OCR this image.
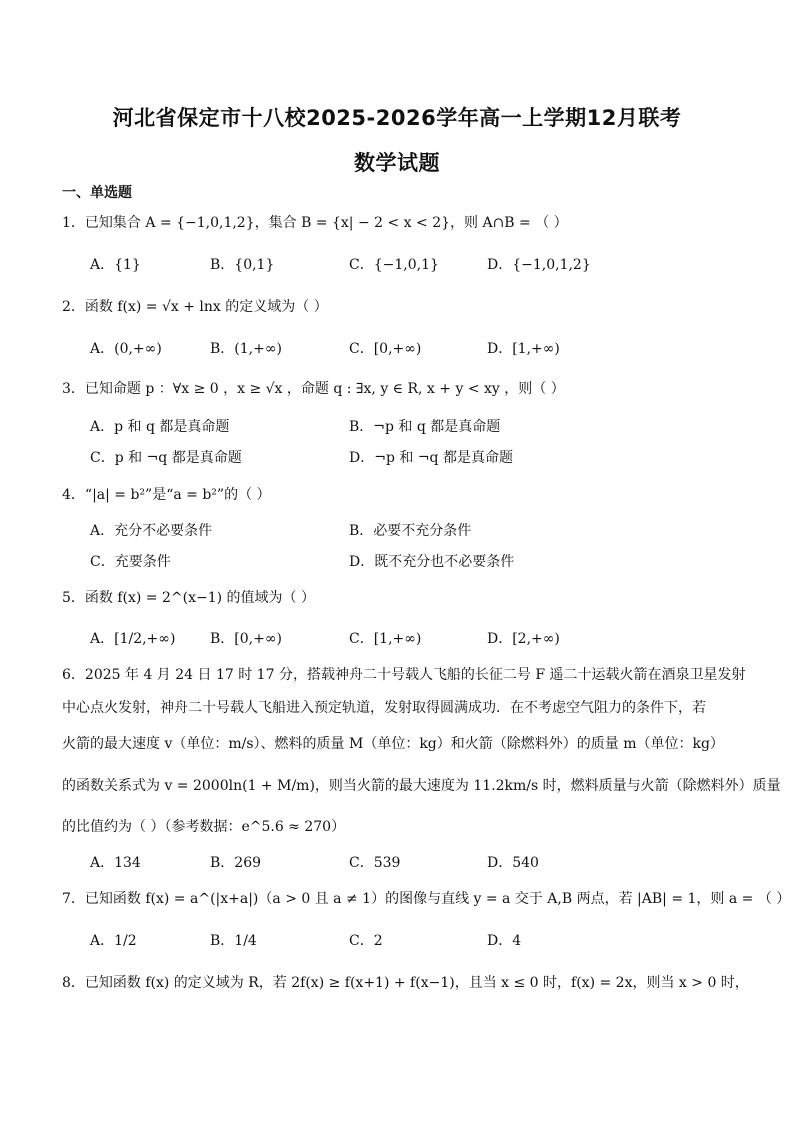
河北省保定市十八校2025-2026学年高一上学期12月联考
数学试题
一、单选题
1．已知集合 A = {−1,0,1,2}，集合 B = {x| − 2 < x < 2}，则 A∩B = （ ）
A．{1}	B．{0,1}	C．{−1,0,1}	D．{−1,0,1,2}
2．函数 f(x) = √x + lnx 的定义域为（ ）
A．(0,+∞)	B．(1,+∞)	C．[0,+∞)	D．[1,+∞)
3．已知命题 p ：∀x ≥ 0 ，x ≥ √x ，命题 q : ∃x, y ∈ R, x + y < xy ，则（ ）
A．p 和 q 都是真命题	B．¬p 和 q 都是真命题
C．p 和 ¬q 都是真命题	D．¬p 和 ¬q 都是真命题
4．“|a| = b²”是“a = b²”的（ ）
A．充分不必要条件	B．必要不充分条件
C．充要条件	D．既不充分也不必要条件
5．函数 f(x) = 2^(x−1) 的值域为（ ）
A．[1/2,+∞) B．[0,+∞)	C．[1,+∞)	D．[2,+∞)
6．2025 年 4 月 24 日 17 时 17 分，搭载神舟二十号载人飞船的长征二号 F 遥二十运载火箭在酒泉卫星发射
中心点火发射，神舟二十号载人飞船进入预定轨道，发射取得圆满成功．在不考虑空气阻力的条件下，若
火箭的最大速度 v（单位：m/s）、燃料的质量 M（单位：kg）和火箭（除燃料外）的质量 m（单位：kg）
的函数关系式为 v = 2000ln(1 + M/m)，则当火箭的最大速度为 11.2km/s 时，燃料质量与火箭（除燃料外）质量
的比值约为（ ）（参考数据：e^5.6 ≈ 270）
A．134	B．269	C．539	D．540
7．已知函数 f(x) = a^(|x+a|)（a > 0 且 a ≠ 1）的图像与直线 y = a 交于 A,B 两点，若 |AB| = 1，则 a = （ ）
A．1/2	B．1/4	C．2	D．4
8．已知函数 f(x) 的定义域为 R，若 2f(x) ≥ f(x+1) + f(x−1)，且当 x ≤ 0 时，f(x) = 2x，则当 x > 0 时，
